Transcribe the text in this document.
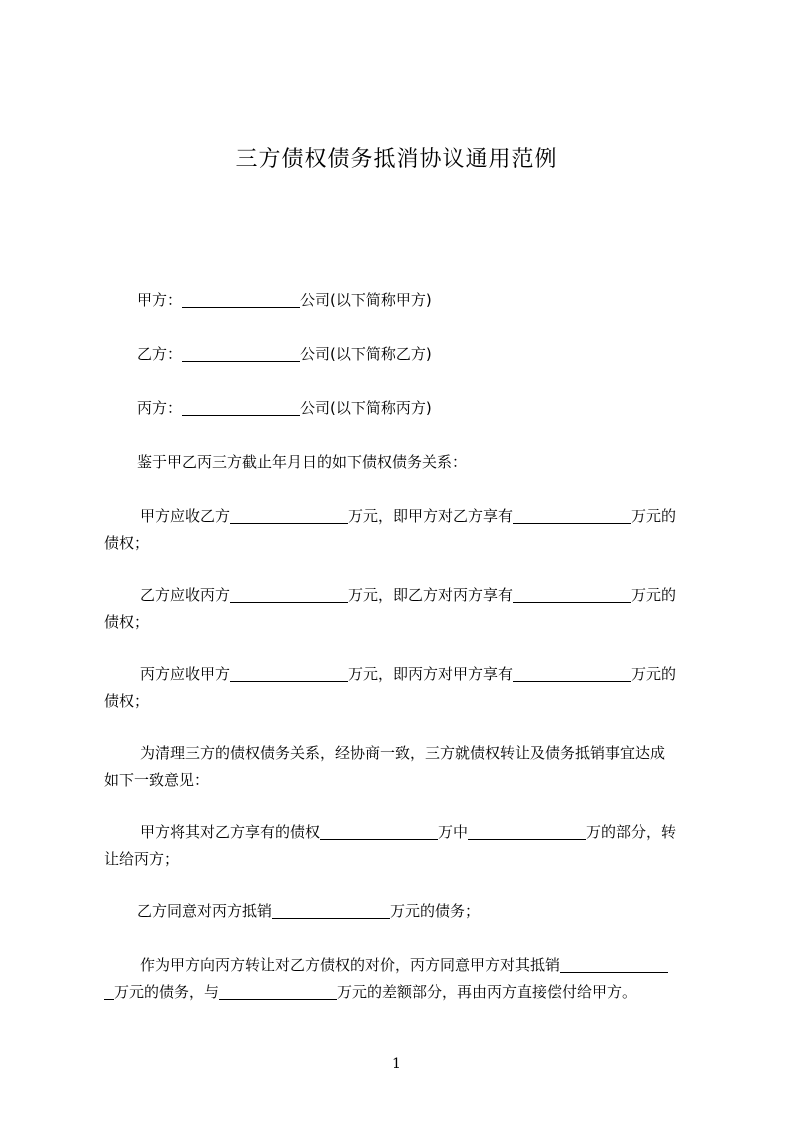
三方债权债务抵消协议通用范例
甲方：	公司(以下简称甲方)
乙方：	公司(以下简称乙方)
丙方：	公司(以下简称丙方)
鉴于甲乙丙三方截止年月日的如下债权债务关系：
甲方应收乙方	万元，即甲方对乙方享有	万元的
债权；
乙方应收丙方	万元，即乙方对丙方享有	万元的
债权；
丙方应收甲方	万元，即丙方对甲方享有	万元的
债权；
为清理三方的债权债务关系，经协商一致，三方就债权转让及债务抵销事宜达成
如下一致意见：
甲方将其对乙方享有的债权	万中	万的部分，转
让给丙方；
乙方同意对丙方抵销	万元的债务；
作为甲方向丙方转让对乙方债权的对价，丙方同意甲方对其抵销
万元的债务，与	万元的差额部分，再由丙方直接偿付给甲方。
1
